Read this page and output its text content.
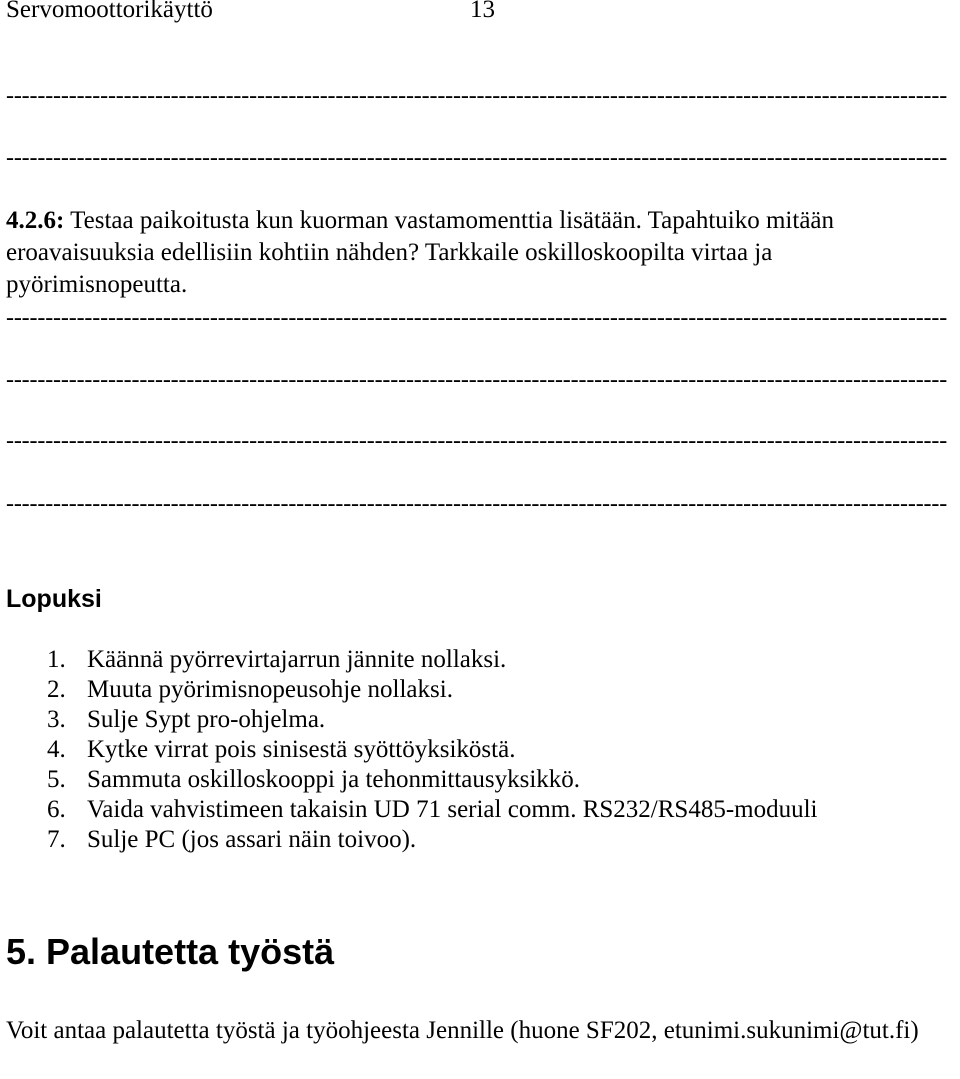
Servomoottorikäyttö	13
------------------------------------------------------------------------------------------------------------------------
------------------------------------------------------------------------------------------------------------------------
4.2.6: Testaa paikoitusta kun kuorman vastamomenttia lisätään. Tapahtuiko mitään eroavaisuuksia edellisiin kohtiin nähden? Tarkkaile oskilloskoopilta virtaa ja pyörimisnopeutta.
------------------------------------------------------------------------------------------------------------------------
------------------------------------------------------------------------------------------------------------------------
------------------------------------------------------------------------------------------------------------------------
------------------------------------------------------------------------------------------------------------------------
Lopuksi
1. Käännä pyörrevirtajarrun jännite nollaksi.
2. Muuta pyörimisnopeusohje nollaksi.
3. Sulje Sypt pro-ohjelma.
4. Kytke virrat pois sinisestä syöttöyksiköstä.
5. Sammuta oskilloskooppi ja tehonmittausyksikkö.
6. Vaida vahvistimeen takaisin UD 71 serial comm. RS232/RS485-moduuli
7. Sulje PC (jos assari näin toivoo).
5. Palautetta työstä
Voit antaa palautetta työstä ja työohjeesta Jennille (huone SF202, etunimi.sukunimi@tut.fi)
